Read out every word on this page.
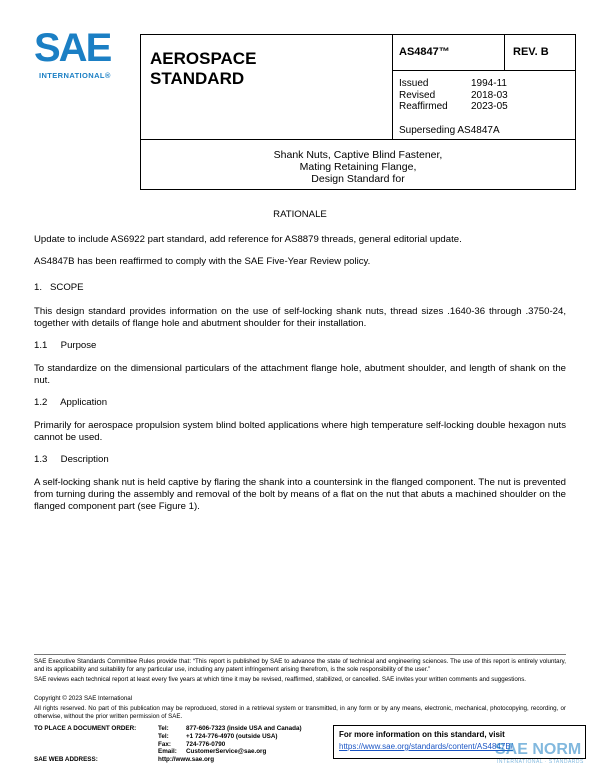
SAE
INTERNATIONAL®
AEROSPACE
STANDARD
AS4847™	REV. B
Issued	1994-11
Revised	2018-03
Reaffirmed	2023-05
Superseding AS4847A
Shank Nuts, Captive Blind Fastener,
Mating Retaining Flange,
Design Standard for
RATIONALE
Update to include AS6922 part standard, add reference for AS8879 threads, general editorial update.
AS4847B has been reaffirmed to comply with the SAE Five-Year Review policy.
1.   SCOPE
This design standard provides information on the use of self-locking shank nuts, thread sizes .1640-36 through .3750-24, together with details of flange hole and abutment shoulder for their installation.
1.1     Purpose
To standardize on the dimensional particulars of the attachment flange hole, abutment shoulder, and length of shank on the nut.
1.2     Application
Primarily for aerospace propulsion system blind bolted applications where high temperature self-locking double hexagon nuts cannot be used.
1.3     Description
A self-locking shank nut is held captive by flaring the shank into a countersink in the flanged component. The nut is prevented from turning during the assembly and removal of the bolt by means of a flat on the nut that abuts a machined shoulder on the flanged component part (see Figure 1).
SAE Executive Standards Committee Rules provide that: “This report is published by SAE to advance the state of technical and engineering sciences. The use of this report is entirely voluntary, and its applicability and suitability for any particular use, including any patent infringement arising therefrom, is the sole responsibility of the user.”
SAE reviews each technical report at least every five years at which time it may be revised, reaffirmed, stabilized, or cancelled. SAE invites your written comments and suggestions.
Copyright © 2023 SAE International
All rights reserved. No part of this publication may be reproduced, stored in a retrieval system or transmitted, in any form or by any means, electronic, mechanical, photocopying, recording, or otherwise, without the prior written permission of SAE.
TO PLACE A DOCUMENT ORDER:	Tel:	877-606-7323 (inside USA and Canada)
Tel:	+1 724-776-4970 (outside USA)
Fax:	724-776-0790
Email:	CustomerService@sae.org
SAE WEB ADDRESS:	http://www.sae.org
For more information on this standard, visit
https://www.sae.org/standards/content/AS4847B/
SAE NORM
INTERNATIONAL · STANDARDS
